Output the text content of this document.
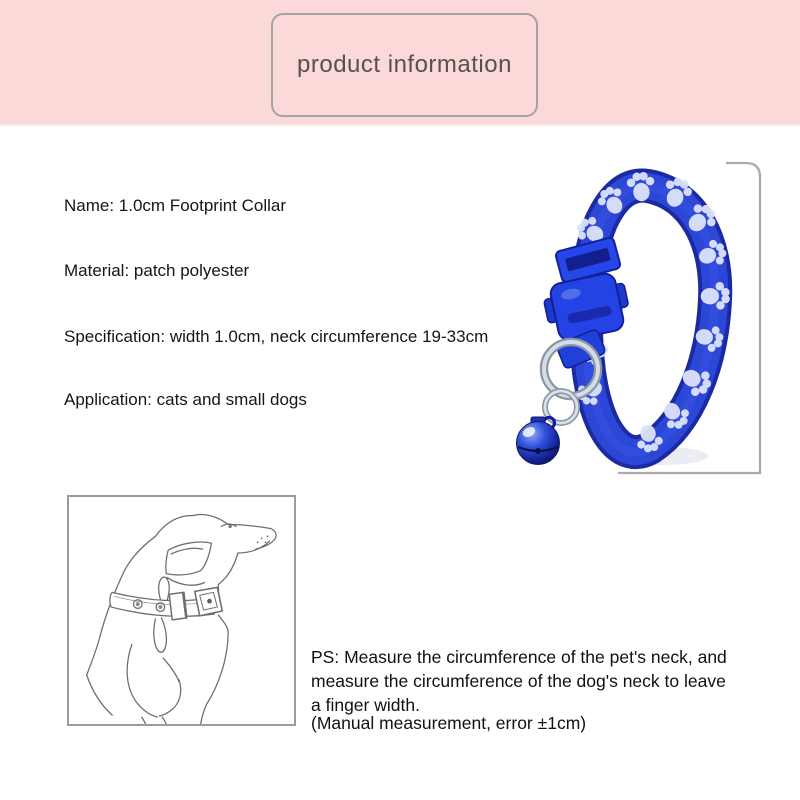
product information
Name: 1.0cm Footprint Collar
Material: patch polyester
Specification: width 1.0cm, neck circumference 19-33cm
Application: cats and small dogs
PS: Measure the circumference of the pet's neck, and
measure the circumference of the dog's neck to leave
a finger width.
(Manual measurement, error ±1cm)
